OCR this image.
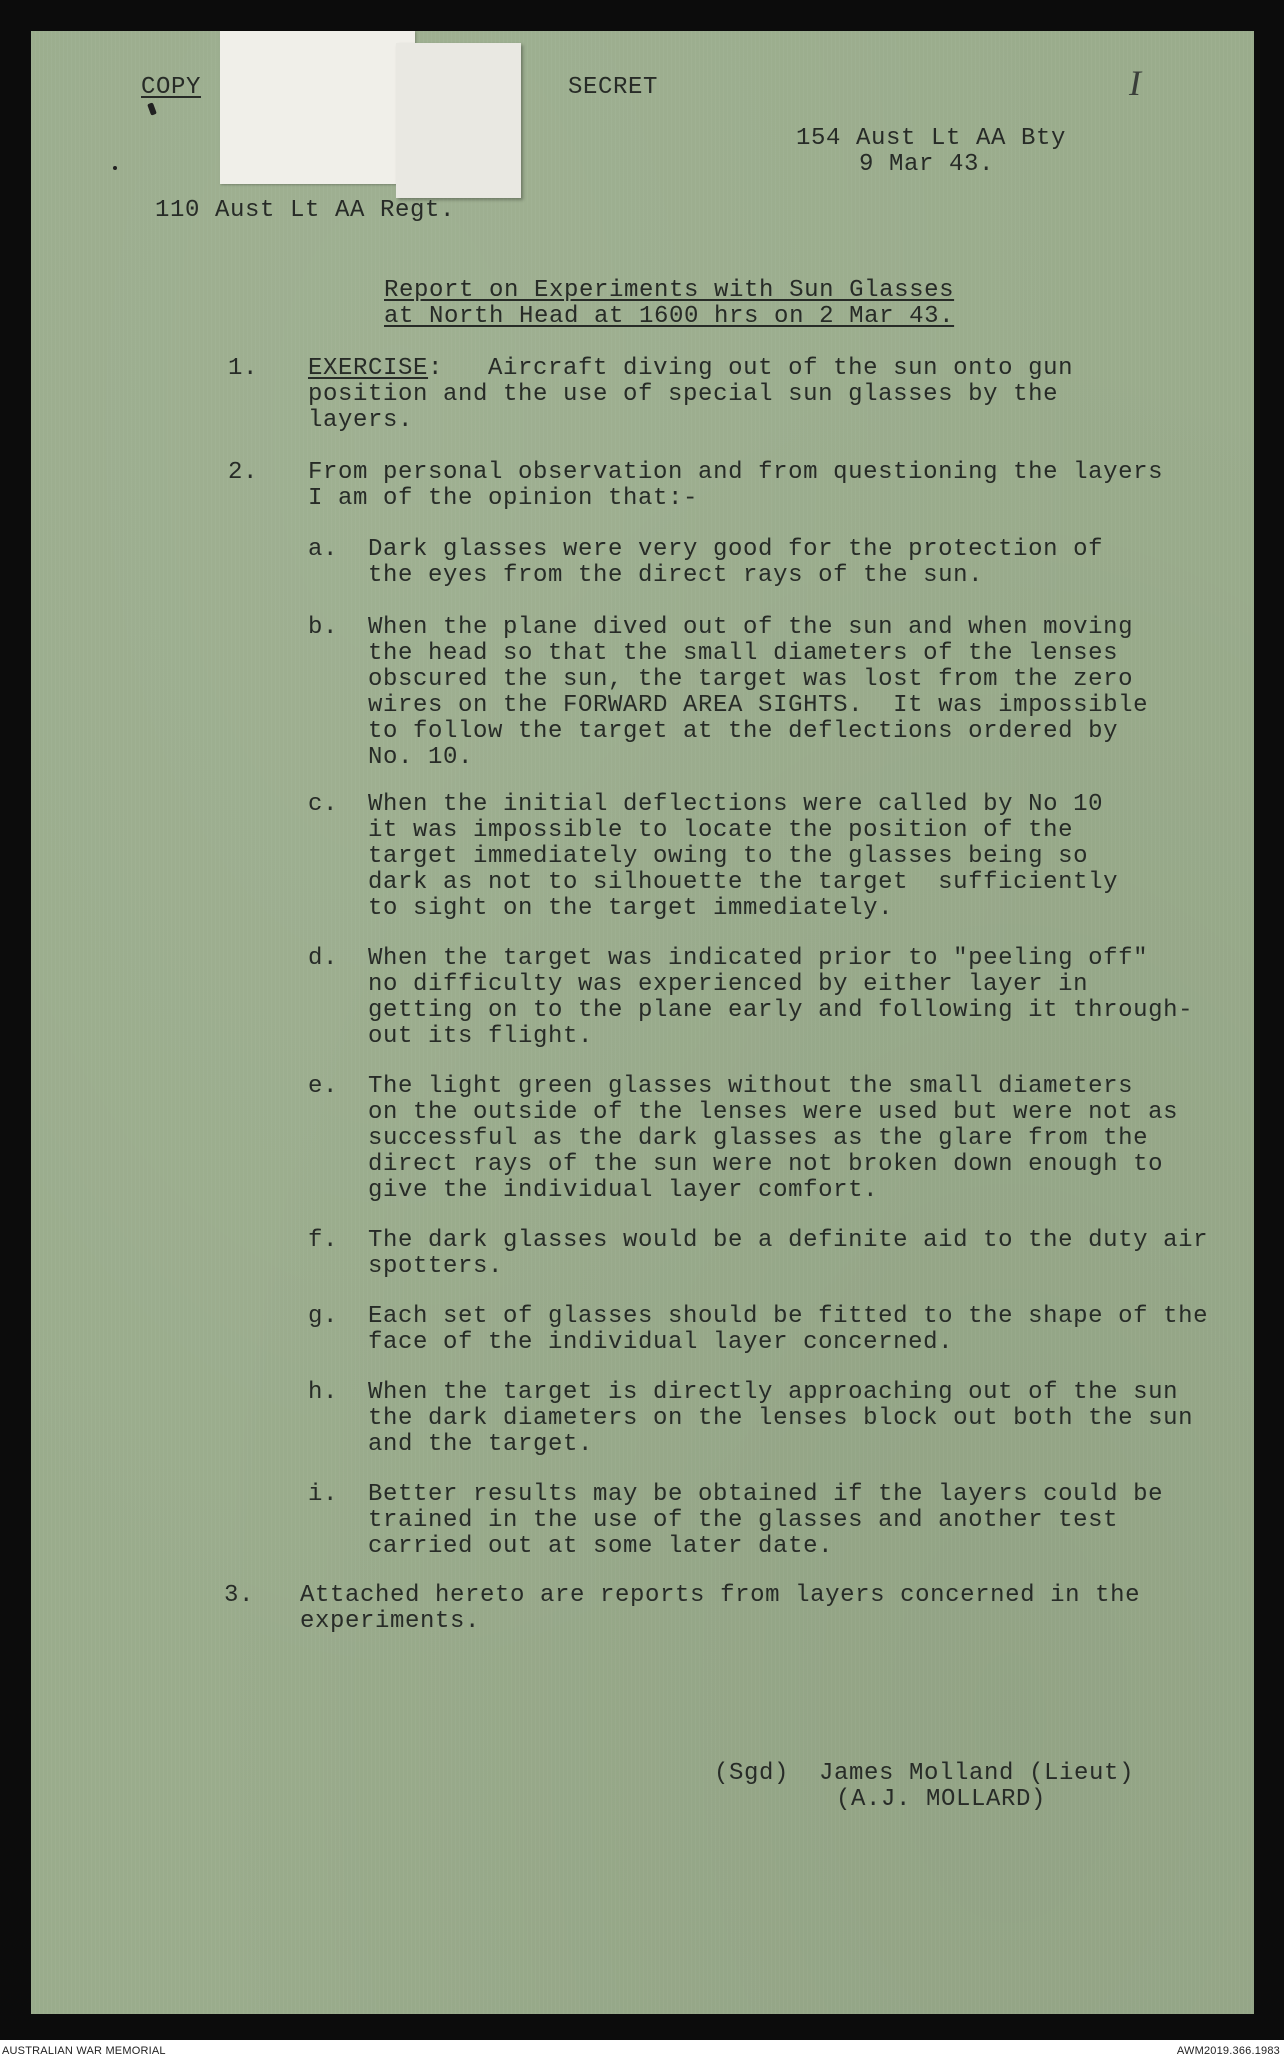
COPY	SECRET	I
154 Aust Lt AA Bty
9 Mar 43.
110 Aust Lt AA Regt.
Report on Experiments with Sun Glasses
at North Head at 1600 hrs on 2 Mar 43.
1. EXERCISE:   Aircraft diving out of the sun onto gun
position and the use of special sun glasses by the
layers.
2. From personal observation and from questioning the layers
I am of the opinion that:-
a. Dark glasses were very good for the protection of
the eyes from the direct rays of the sun.
b. When the plane dived out of the sun and when moving
the head so that the small diameters of the lenses
obscured the sun, the target was lost from the zero
wires on the FORWARD AREA SIGHTS.  It was impossible
to follow the target at the deflections ordered by
No. 10.
c. When the initial deflections were called by No 10
it was impossible to locate the position of the
target immediately owing to the glasses being so
dark as not to silhouette the target  sufficiently
to sight on the target immediately.
d. When the target was indicated prior to "peeling off"
no difficulty was experienced by either layer in
getting on to the plane early and following it through-
out its flight.
e. The light green glasses without the small diameters
on the outside of the lenses were used but were not as
successful as the dark glasses as the glare from the
direct rays of the sun were not broken down enough to
give the individual layer comfort.
f. The dark glasses would be a definite aid to the duty air
spotters.
g. Each set of glasses should be fitted to the shape of the
face of the individual layer concerned.
h. When the target is directly approaching out of the sun
the dark diameters on the lenses block out both the sun
and the target.
i. Better results may be obtained if the layers could be
trained in the use of the glasses and another test
carried out at some later date.
3. Attached hereto are reports from layers concerned in the
experiments.
(Sgd)  James Molland (Lieut)
(A.J. MOLLARD)
AUSTRALIAN WAR MEMORIAL	AWM2019.366.1983
